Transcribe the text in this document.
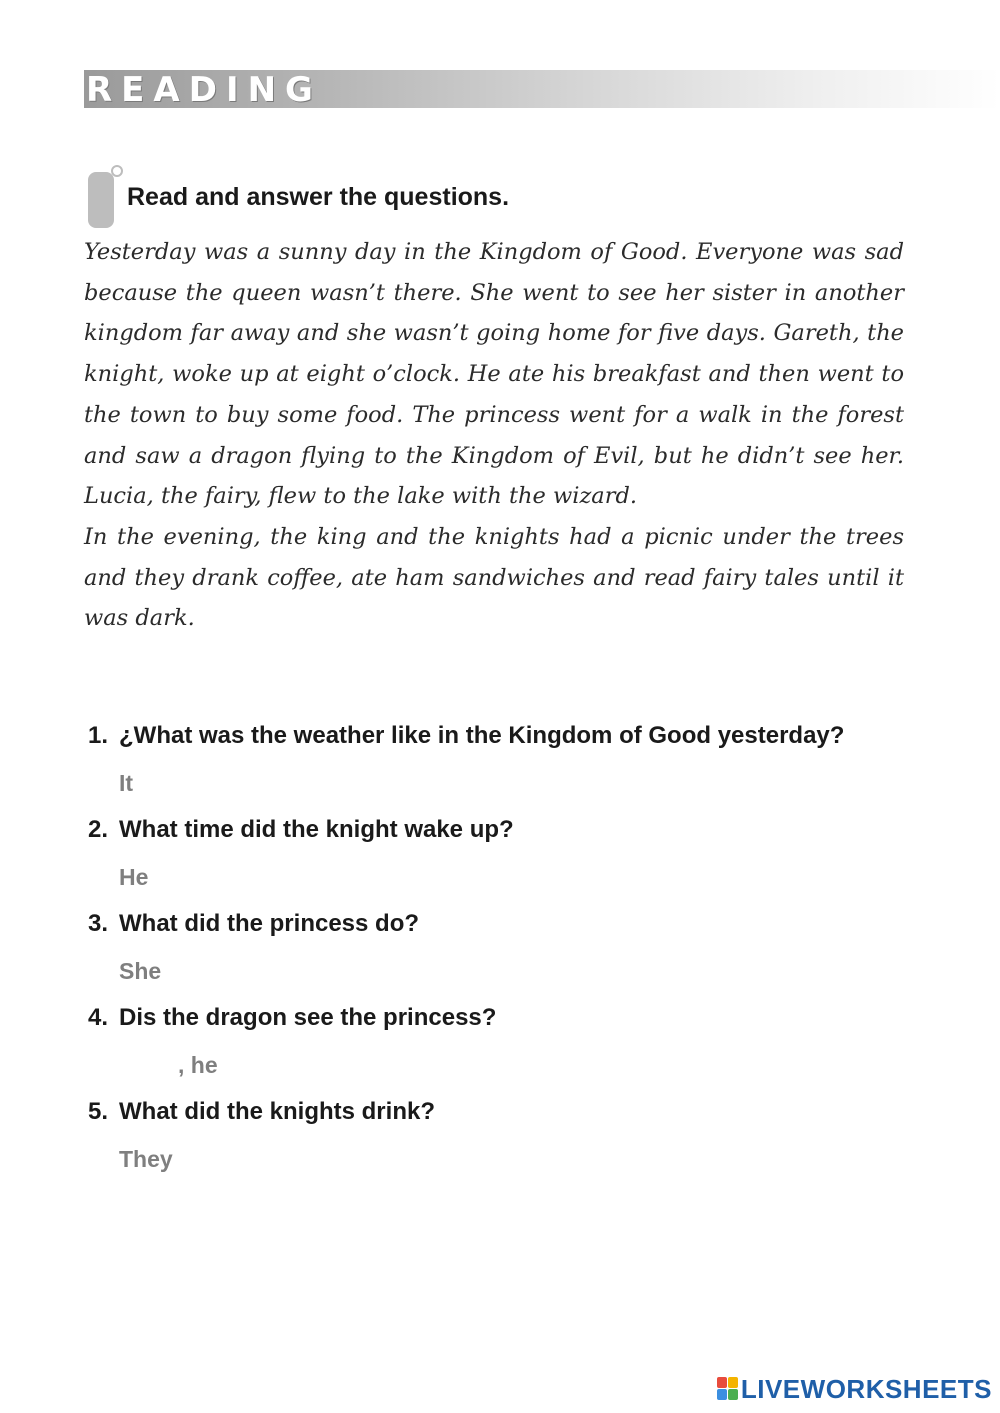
READING
Read and answer the questions.

Yesterday was a sunny day in the Kingdom of Good. Everyone was sad because the queen wasn’t there. She went to see her sister in another kingdom far away and she wasn’t going home for five days. Gareth, the knight, woke up at eight o’clock. He ate his breakfast and then went to the town to buy some food. The princess went for a walk in the forest and saw a dragon flying to the Kingdom of Evil, but he didn’t see her. Lucia, the fairy, flew to the lake with the wizard.

In the evening, the king and the knights had a picnic under the trees and they drank coffee, ate ham sandwiches and read fairy tales until it was dark.

1. ¿What was the weather like in the Kingdom of Good yesterday?
It
2. What time did the knight wake up?
He
3. What did the princess do?
She
4. Dis the dragon see the princess?
, he
5. What did the knights drink?
They
LIVEWORKSHEETS
